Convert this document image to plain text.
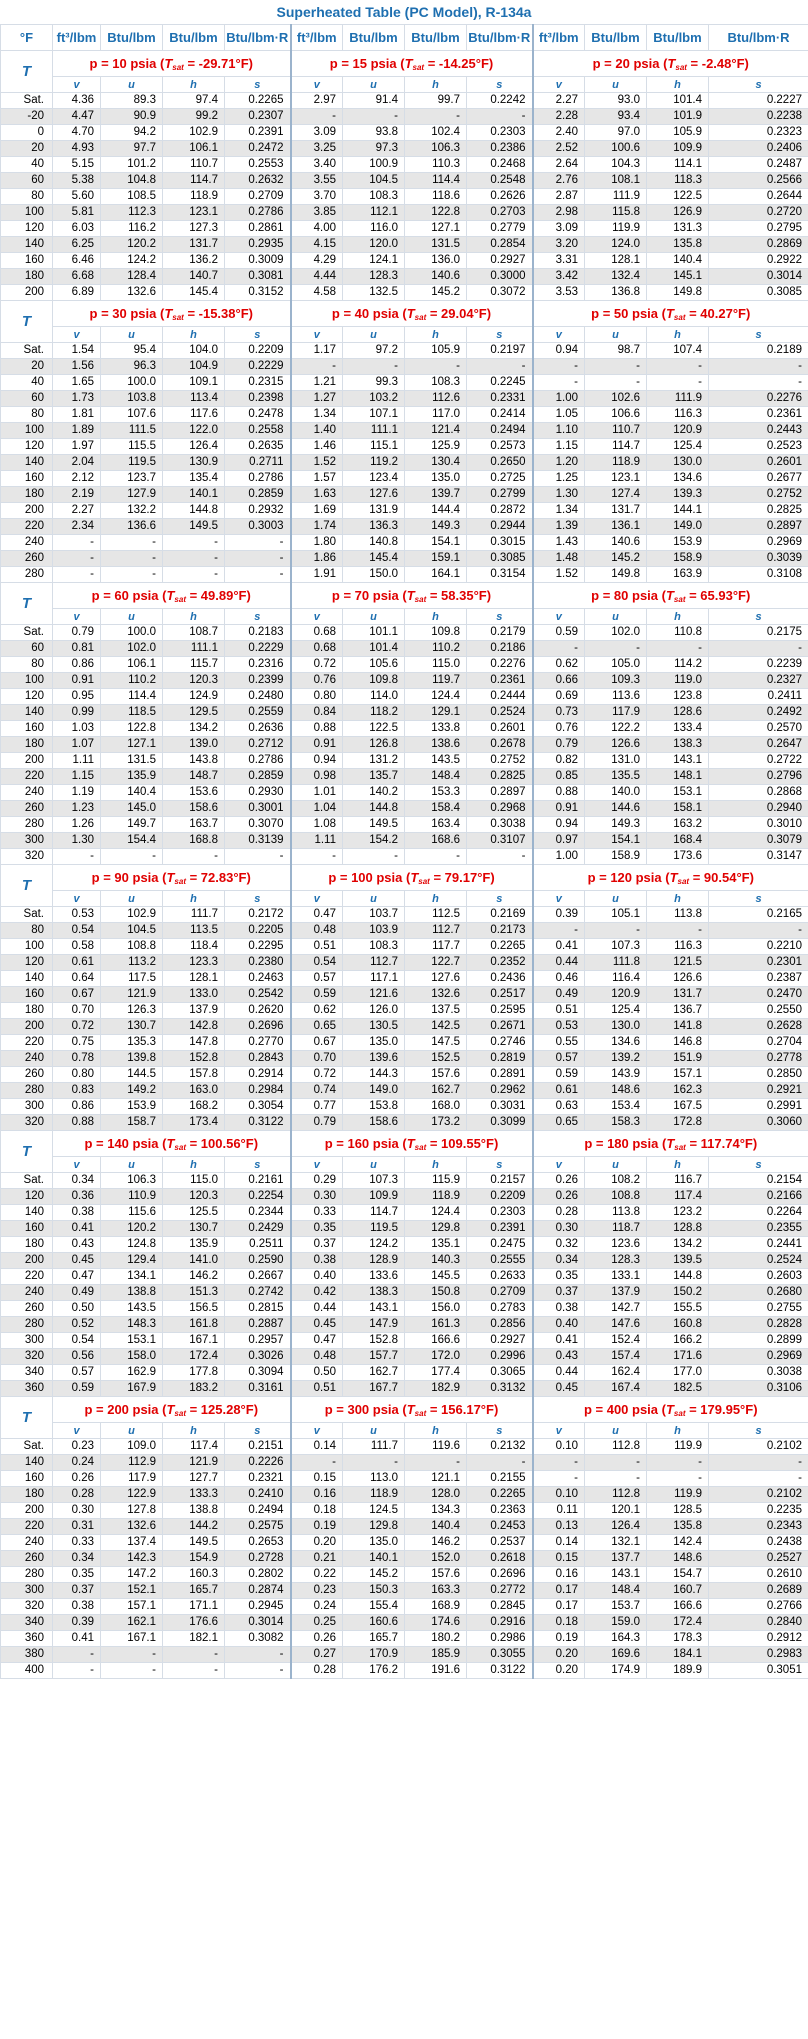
Superheated Table (PC Model), R-134a
°F	ft³/lbm	Btu/lbm	Btu/lbm	Btu/lbm·R	ft³/lbm	Btu/lbm	Btu/lbm	Btu/lbm·R	ft³/lbm	Btu/lbm	Btu/lbm	Btu/lbm·R
T	p = 10 psia $(T_{sat} = -29.71^\circ F)$				p = 15 psia $(T_{sat} = -14.25^\circ F)$				p = 20 psia $(T_{sat} = -2.48^\circ F)$			
	v	u	h	s	v	u	h	s	v	u	h	s
Sat.	4.36	89.3	97.4	0.2265	2.97	91.4	99.7	0.2242	2.27	93.0	101.4	0.2227
-20	4.47	90.9	99.2	0.2307	-	-	-	-	2.28	93.4	101.9	0.2238
0	4.70	94.2	102.9	0.2391	3.09	93.8	102.4	0.2303	2.40	97.0	105.9	0.2323
20	4.93	97.7	106.1	0.2472	3.25	97.3	106.3	0.2386	2.52	100.6	109.9	0.2406
40	5.15	101.2	110.7	0.2553	3.40	100.9	110.3	0.2468	2.64	104.3	114.1	0.2487
60	5.38	104.8	114.7	0.2632	3.55	104.5	114.4	0.2548	2.76	108.1	118.3	0.2566
80	5.60	108.5	118.9	0.2709	3.70	108.3	118.6	0.2626	2.87	111.9	122.5	0.2644
100	5.81	112.3	123.1	0.2786	3.85	112.1	122.8	0.2703	2.98	115.8	126.9	0.2720
120	6.03	116.2	127.3	0.2861	4.00	116.0	127.1	0.2779	3.09	119.9	131.3	0.2795
140	6.25	120.2	131.7	0.2935	4.15	120.0	131.5	0.2854	3.20	124.0	135.8	0.2869
160	6.46	124.2	136.2	0.3009	4.29	124.1	136.0	0.2927	3.31	128.1	140.4	0.2922
180	6.68	128.4	140.7	0.3081	4.44	128.3	140.6	0.3000	3.42	132.4	145.1	0.3014
200	6.89	132.6	145.4	0.3152	4.58	132.5	145.2	0.3072	3.53	136.8	149.8	0.3085
T	p = 30 psia $(T_{sat} = -15.38^\circ F)$				p = 40 psia $(T_{sat} = 29.04^\circ F)$				p = 50 psia $(T_{sat} = 40.27^\circ F)$			
	v	u	h	s	v	u	h	s	v	u	h	s
Sat.	1.54	95.4	104.0	0.2209	1.17	97.2	105.9	0.2197	0.94	98.7	107.4	0.2189
20	1.56	96.3	104.9	0.2229	-	-	-	-	-	-	-	-
40	1.65	100.0	109.1	0.2315	1.21	99.3	108.3	0.2245	-	-	-	-
60	1.73	103.8	113.4	0.2398	1.27	103.2	112.6	0.2331	1.00	102.6	111.9	0.2276
80	1.81	107.6	117.6	0.2478	1.34	107.1	117.0	0.2414	1.05	106.6	116.3	0.2361
100	1.89	111.5	122.0	0.2558	1.40	111.1	121.4	0.2494	1.10	110.7	120.9	0.2443
120	1.97	115.5	126.4	0.2635	1.46	115.1	125.9	0.2573	1.15	114.7	125.4	0.2523
140	2.04	119.5	130.9	0.2711	1.52	119.2	130.4	0.2650	1.20	118.9	130.0	0.2601
160	2.12	123.7	135.4	0.2786	1.57	123.4	135.0	0.2725	1.25	123.1	134.6	0.2677
180	2.19	127.9	140.1	0.2859	1.63	127.6	139.7	0.2799	1.30	127.4	139.3	0.2752
200	2.27	132.2	144.8	0.2932	1.69	131.9	144.4	0.2872	1.34	131.7	144.1	0.2825
220	2.34	136.6	149.5	0.3003	1.74	136.3	149.3	0.2944	1.39	136.1	149.0	0.2897
240	-	-	-	-	1.80	140.8	154.1	0.3015	1.43	140.6	153.9	0.2969
260	-	-	-	-	1.86	145.4	159.1	0.3085	1.48	145.2	158.9	0.3039
280	-	-	-	-	1.91	150.0	164.1	0.3154	1.52	149.8	163.9	0.3108
T	p = 60 psia $(T_{sat} = 49.89^\circ F)$				p = 70 psia $(T_{sat} = 58.35^\circ F)$				p = 80 psia $(T_{sat} = 65.93^\circ F)$			
	v	u	h	s	v	u	h	s	v	u	h	s
Sat.	0.79	100.0	108.7	0.2183	0.68	101.1	109.8	0.2179	0.59	102.0	110.8	0.2175
60	0.81	102.0	111.1	0.2229	0.68	101.4	110.2	0.2186	-	-	-	-
80	0.86	106.1	115.7	0.2316	0.72	105.6	115.0	0.2276	0.62	105.0	114.2	0.2239
100	0.91	110.2	120.3	0.2399	0.76	109.8	119.7	0.2361	0.66	109.3	119.0	0.2327
120	0.95	114.4	124.9	0.2480	0.80	114.0	124.4	0.2444	0.69	113.6	123.8	0.2411
140	0.99	118.5	129.5	0.2559	0.84	118.2	129.1	0.2524	0.73	117.9	128.6	0.2492
160	1.03	122.8	134.2	0.2636	0.88	122.5	133.8	0.2601	0.76	122.2	133.4	0.2570
180	1.07	127.1	139.0	0.2712	0.91	126.8	138.6	0.2678	0.79	126.6	138.3	0.2647
200	1.11	131.5	143.8	0.2786	0.94	131.2	143.5	0.2752	0.82	131.0	143.1	0.2722
220	1.15	135.9	148.7	0.2859	0.98	135.7	148.4	0.2825	0.85	135.5	148.1	0.2796
240	1.19	140.4	153.6	0.2930	1.01	140.2	153.3	0.2897	0.88	140.0	153.1	0.2868
260	1.23	145.0	158.6	0.3001	1.04	144.8	158.4	0.2968	0.91	144.6	158.1	0.2940
280	1.26	149.7	163.7	0.3070	1.08	149.5	163.4	0.3038	0.94	149.3	163.2	0.3010
300	1.30	154.4	168.8	0.3139	1.11	154.2	168.6	0.3107	0.97	154.1	168.4	0.3079
320	-	-	-	-	-	-	-	-	1.00	158.9	173.6	0.3147
T	p = 90 psia $(T_{sat} = 72.83^\circ F)$				p = 100 psia $(T_{sat} = 79.17^\circ F)$				p = 120 psia $(T_{sat} = 90.54^\circ F)$			
	v	u	h	s	v	u	h	s	v	u	h	s
Sat.	0.53	102.9	111.7	0.2172	0.47	103.7	112.5	0.2169	0.39	105.1	113.8	0.2165
80	0.54	104.5	113.5	0.2205	0.48	103.9	112.7	0.2173	-	-	-	-
100	0.58	108.8	118.4	0.2295	0.51	108.3	117.7	0.2265	0.41	107.3	116.3	0.2210
120	0.61	113.2	123.3	0.2380	0.54	112.7	122.7	0.2352	0.44	111.8	121.5	0.2301
140	0.64	117.5	128.1	0.2463	0.57	117.1	127.6	0.2436	0.46	116.4	126.6	0.2387
160	0.67	121.9	133.0	0.2542	0.59	121.6	132.6	0.2517	0.49	120.9	131.7	0.2470
180	0.70	126.3	137.9	0.2620	0.62	126.0	137.5	0.2595	0.51	125.4	136.7	0.2550
200	0.72	130.7	142.8	0.2696	0.65	130.5	142.5	0.2671	0.53	130.0	141.8	0.2628
220	0.75	135.3	147.8	0.2770	0.67	135.0	147.5	0.2746	0.55	134.6	146.8	0.2704
240	0.78	139.8	152.8	0.2843	0.70	139.6	152.5	0.2819	0.57	139.2	151.9	0.2778
260	0.80	144.5	157.8	0.2914	0.72	144.3	157.6	0.2891	0.59	143.9	157.1	0.2850
280	0.83	149.2	163.0	0.2984	0.74	149.0	162.7	0.2962	0.61	148.6	162.3	0.2921
300	0.86	153.9	168.2	0.3054	0.77	153.8	168.0	0.3031	0.63	153.4	167.5	0.2991
320	0.88	158.7	173.4	0.3122	0.79	158.6	173.2	0.3099	0.65	158.3	172.8	0.3060
T	p = 140 psia $(T_{sat} = 100.56^\circ F)$				p = 160 psia $(T_{sat} = 109.55^\circ F)$				p = 180 psia $(T_{sat} = 117.74^\circ F)$			
	v	u	h	s	v	u	h	s	v	u	h	s
Sat.	0.34	106.3	115.0	0.2161	0.29	107.3	115.9	0.2157	0.26	108.2	116.7	0.2154
120	0.36	110.9	120.3	0.2254	0.30	109.9	118.9	0.2209	0.26	108.8	117.4	0.2166
140	0.38	115.6	125.5	0.2344	0.33	114.7	124.4	0.2303	0.28	113.8	123.2	0.2264
160	0.41	120.2	130.7	0.2429	0.35	119.5	129.8	0.2391	0.30	118.7	128.8	0.2355
180	0.43	124.8	135.9	0.2511	0.37	124.2	135.1	0.2475	0.32	123.6	134.2	0.2441
200	0.45	129.4	141.0	0.2590	0.38	128.9	140.3	0.2555	0.34	128.3	139.5	0.2524
220	0.47	134.1	146.2	0.2667	0.40	133.6	145.5	0.2633	0.35	133.1	144.8	0.2603
240	0.49	138.8	151.3	0.2742	0.42	138.3	150.8	0.2709	0.37	137.9	150.2	0.2680
260	0.50	143.5	156.5	0.2815	0.44	143.1	156.0	0.2783	0.38	142.7	155.5	0.2755
280	0.52	148.3	161.8	0.2887	0.45	147.9	161.3	0.2856	0.40	147.6	160.8	0.2828
300	0.54	153.1	167.1	0.2957	0.47	152.8	166.6	0.2927	0.41	152.4	166.2	0.2899
320	0.56	158.0	172.4	0.3026	0.48	157.7	172.0	0.2996	0.43	157.4	171.6	0.2969
340	0.57	162.9	177.8	0.3094	0.50	162.7	177.4	0.3065	0.44	162.4	177.0	0.3038
360	0.59	167.9	183.2	0.3161	0.51	167.7	182.9	0.3132	0.45	167.4	182.5	0.3106
T	p = 200 psia $(T_{sat} = 125.28^\circ F)$				p = 300 psia $(T_{sat} = 156.17^\circ F)$				p = 400 psia $(T_{sat} = 179.95^\circ F)$			
	v	u	h	s	v	u	h	s	v	u	h	s
Sat.	0.23	109.0	117.4	0.2151	0.14	111.7	119.6	0.2132	0.10	112.8	119.9	0.2102
140	0.24	112.9	121.9	0.2226	-	-	-	-	-	-	-	-
160	0.26	117.9	127.7	0.2321	0.15	113.0	121.1	0.2155	-	-	-	-
180	0.28	122.9	133.3	0.2410	0.16	118.9	128.0	0.2265	0.10	112.8	119.9	0.2102
200	0.30	127.8	138.8	0.2494	0.18	124.5	134.3	0.2363	0.11	120.1	128.5	0.2235
220	0.31	132.6	144.2	0.2575	0.19	129.8	140.4	0.2453	0.13	126.4	135.8	0.2343
240	0.33	137.4	149.5	0.2653	0.20	135.0	146.2	0.2537	0.14	132.1	142.4	0.2438
260	0.34	142.3	154.9	0.2728	0.21	140.1	152.0	0.2618	0.15	137.7	148.6	0.2527
280	0.35	147.2	160.3	0.2802	0.22	145.2	157.6	0.2696	0.16	143.1	154.7	0.2610
300	0.37	152.1	165.7	0.2874	0.23	150.3	163.3	0.2772	0.17	148.4	160.7	0.2689
320	0.38	157.1	171.1	0.2945	0.24	155.4	168.9	0.2845	0.17	153.7	166.6	0.2766
340	0.39	162.1	176.6	0.3014	0.25	160.6	174.6	0.2916	0.18	159.0	172.4	0.2840
360	0.41	167.1	182.1	0.3082	0.26	165.7	180.2	0.2986	0.19	164.3	178.3	0.2912
380	-	-	-	-	0.27	170.9	185.9	0.3055	0.20	169.6	184.1	0.2983
400	-	-	-	-	0.28	176.2	191.6	0.3122	0.20	174.9	189.9	0.3051
